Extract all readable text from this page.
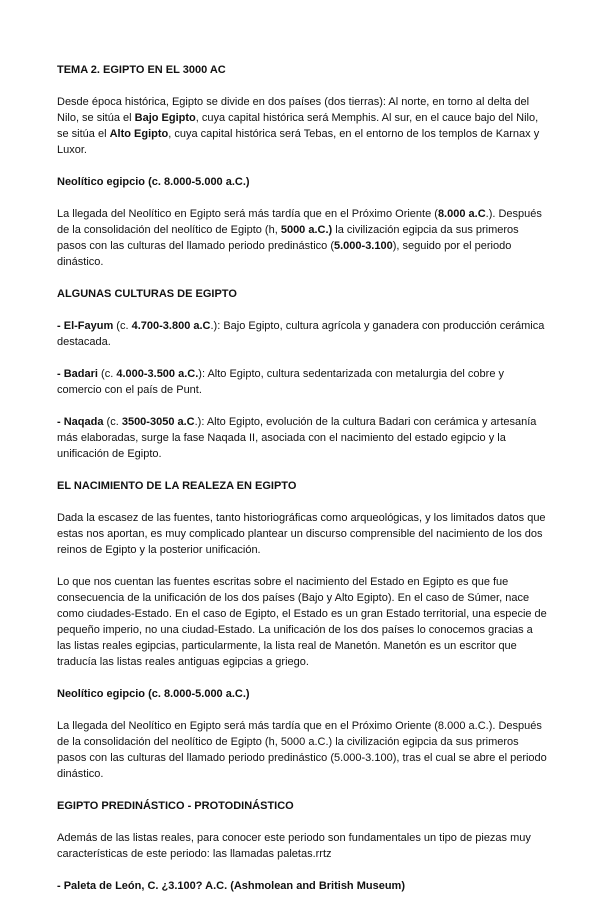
TEMA 2. EGIPTO EN EL 3000 AC
Desde época histórica, Egipto se divide en dos países (dos tierras): Al norte, en torno al delta del Nilo, se sitúa el Bajo Egipto, cuya capital histórica será Memphis. Al sur, en el cauce bajo del Nilo, se sitúa el Alto Egipto, cuya capital histórica será Tebas, en el entorno de los templos de Karnax y Luxor.
Neolítico egipcio (c. 8.000-5.000 a.C.)
La llegada del Neolítico en Egipto será más tardía que en el Próximo Oriente (8.000 a.C.). Después de la consolidación del neolítico de Egipto (h, 5000 a.C.) la civilización egipcia da sus primeros pasos con las culturas del llamado periodo predinástico (5.000-3.100), seguido por el periodo dinástico.
ALGUNAS CULTURAS DE EGIPTO
- El-Fayum (c. 4.700-3.800 a.C.): Bajo Egipto, cultura agrícola y ganadera con producción cerámica destacada.
- Badari (c. 4.000-3.500 a.C.): Alto Egipto, cultura sedentarizada con metalurgia del cobre y comercio con el país de Punt.
- Naqada (c. 3500-3050 a.C.): Alto Egipto, evolución de la cultura Badari con cerámica y artesanía más elaboradas, surge la fase Naqada II, asociada con el nacimiento del estado egipcio y la unificación de Egipto.
EL NACIMIENTO DE LA REALEZA EN EGIPTO
Dada la escasez de las fuentes, tanto historiográficas como arqueológicas, y los limitados datos que estas nos aportan, es muy complicado plantear un discurso comprensible del nacimiento de los dos reinos de Egipto y la posterior unificación.
Lo que nos cuentan las fuentes escritas sobre el nacimiento del Estado en Egipto es que fue consecuencia de la unificación de los dos países (Bajo y Alto Egipto). En el caso de Súmer, nace como ciudades-Estado. En el caso de Egipto, el Estado es un gran Estado territorial, una especie de pequeño imperio, no una ciudad-Estado. La unificación de los dos países lo conocemos gracias a las listas reales egipcias, particularmente, la lista real de Manetón. Manetón es un escritor que traducía las listas reales antiguas egipcias a griego.
Neolítico egipcio (c. 8.000-5.000 a.C.)
La llegada del Neolítico en Egipto será más tardía que en el Próximo Oriente (8.000 a.C.). Después de la consolidación del neolítico de Egipto (h, 5000 a.C.) la civilización egipcia da sus primeros pasos con las culturas del llamado periodo predinástico (5.000-3.100), tras el cual se abre el periodo dinástico.
EGIPTO PREDINÁSTICO - PROTODINÁSTICO
Además de las listas reales, para conocer este periodo son fundamentales un tipo de piezas muy características de este periodo: las llamadas paletas.rrtz
- Paleta de León, C. ¿3.100? A.C. (Ashmolean and British Museum)
